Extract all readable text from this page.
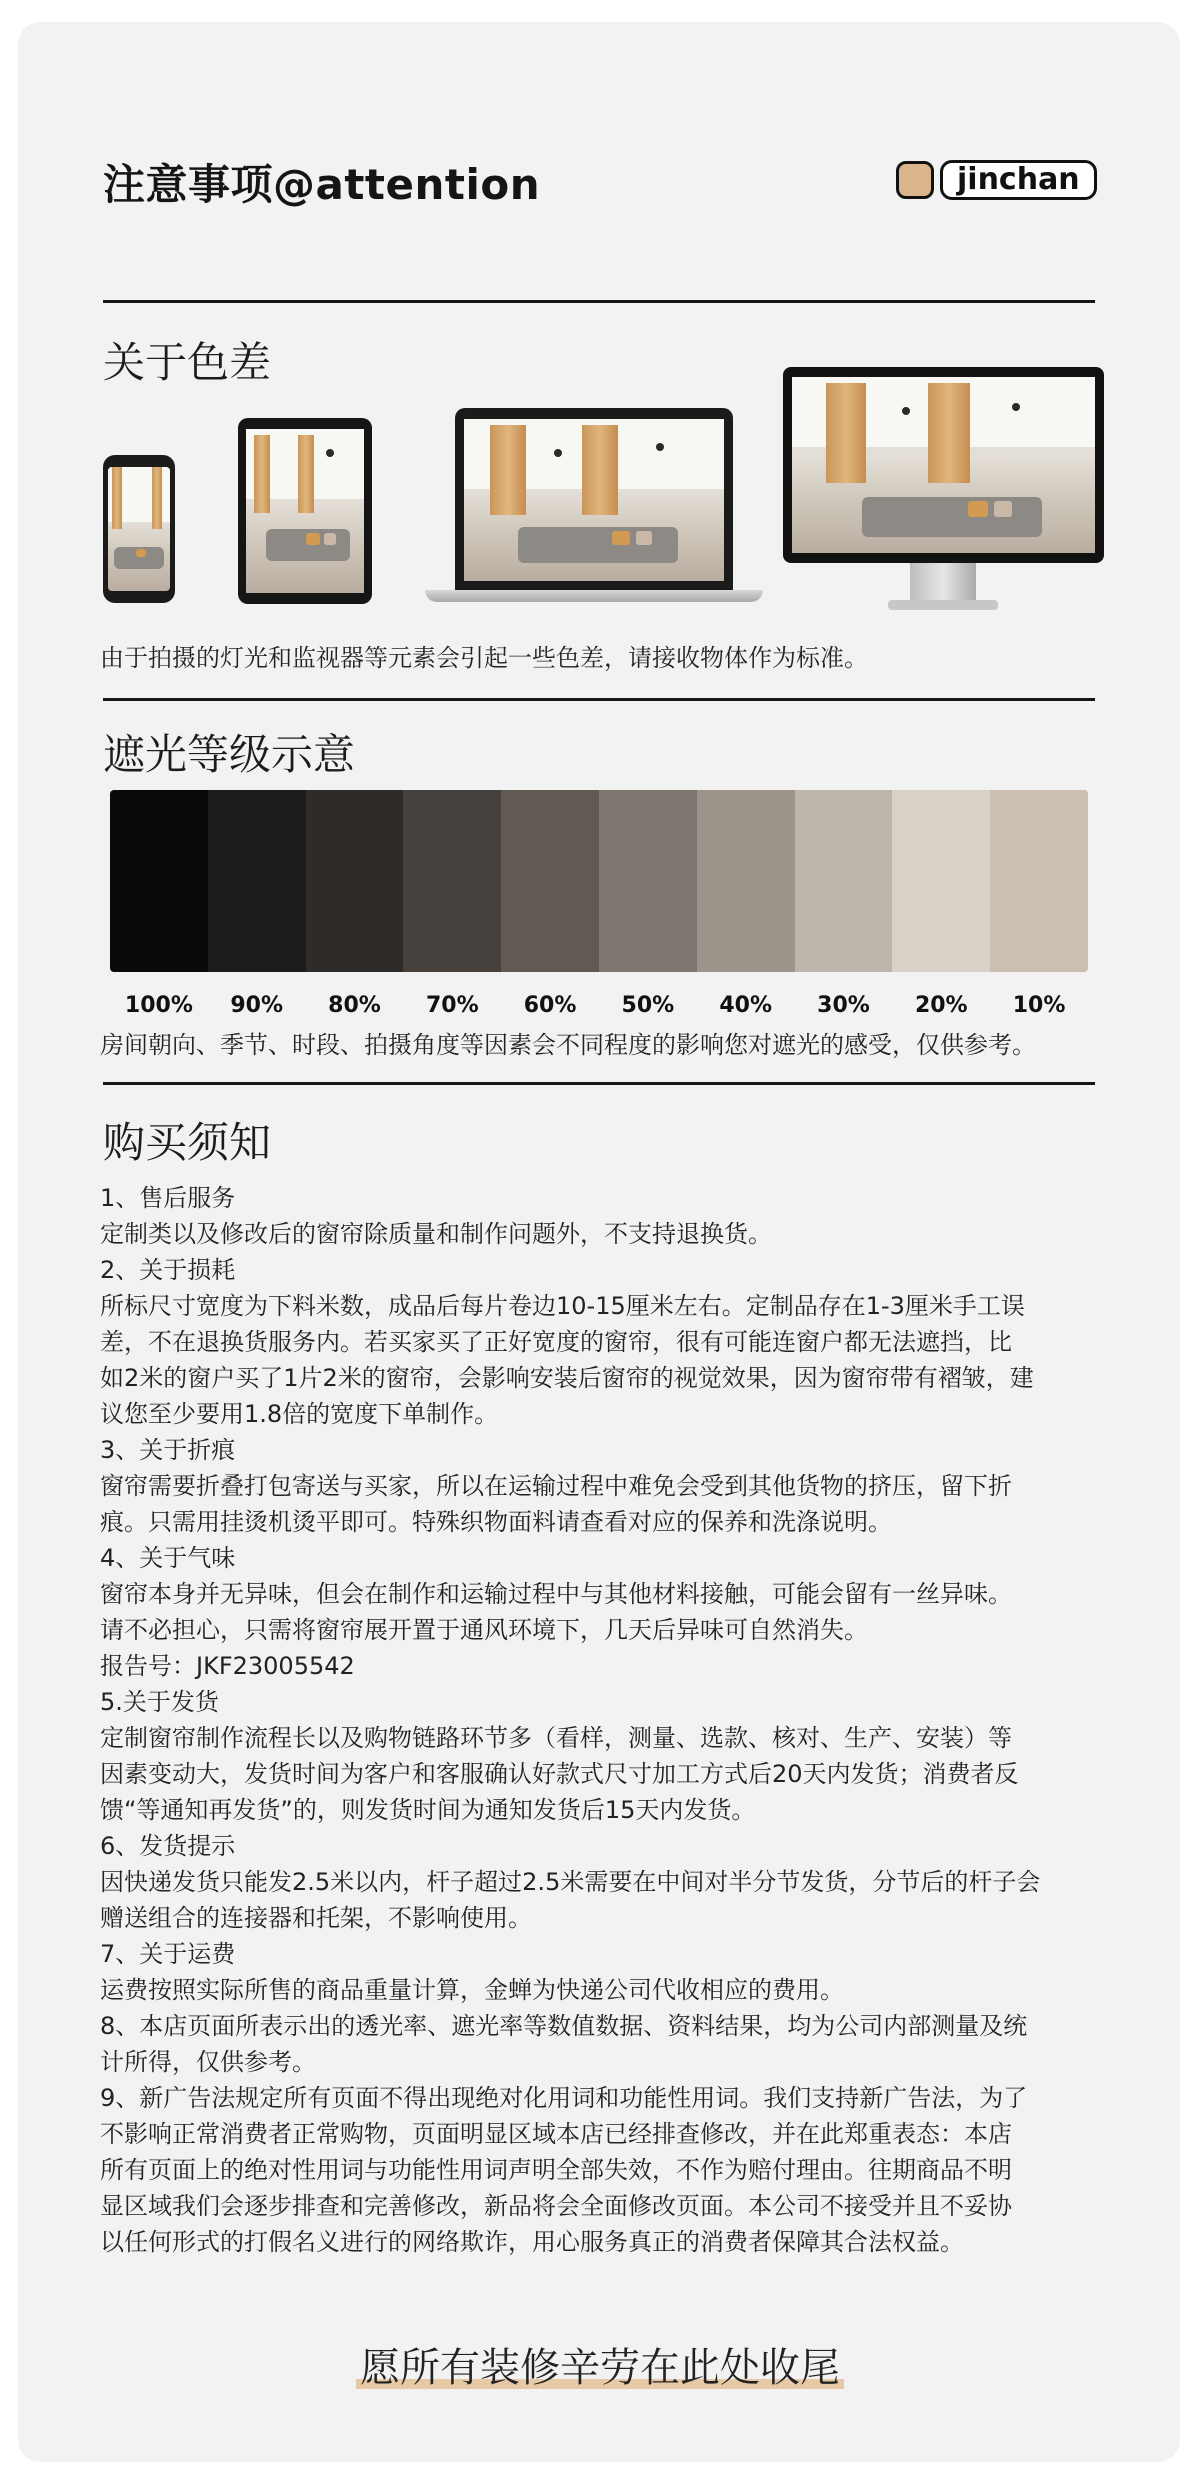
注意事项@attention	jinchan
关于色差
由于拍摄的灯光和监视器等元素会引起一些色差，请接收物体作为标准。
遮光等级示意
100%	90%	80%	70%	60%	50%	40%	30%	20%	10%
房间朝向、季节、时段、拍摄角度等因素会不同程度的影响您对遮光的感受，仅供参考。
购买须知

1、售后服务

定制类以及修改后的窗帘除质量和制作问题外，不支持退换货。

2、关于损耗

所标尺寸宽度为下料米数，成品后每片卷边10-15厘米左右。定制品存在1-3厘米手工误

差，不在退换货服务内。若买家买了正好宽度的窗帘，很有可能连窗户都无法遮挡，比

如2米的窗户买了1片2米的窗帘，会影响安装后窗帘的视觉效果，因为窗帘带有褶皱，建

议您至少要用1.8倍的宽度下单制作。

3、关于折痕

窗帘需要折叠打包寄送与买家，所以在运输过程中难免会受到其他货物的挤压，留下折

痕。只需用挂烫机烫平即可。特殊织物面料请查看对应的保养和洗涤说明。

4、关于气味

窗帘本身并无异味，但会在制作和运输过程中与其他材料接触，可能会留有一丝异味。

请不必担心，只需将窗帘展开置于通风环境下，几天后异味可自然消失。

报告号：JKF23005542

5.关于发货

定制窗帘制作流程长以及购物链路环节多（看样，测量、选款、核对、生产、安装）等

因素变动大，发货时间为客户和客服确认好款式尺寸加工方式后20天内发货；消费者反

馈“等通知再发货”的，则发货时间为通知发货后15天内发货。

6、发货提示

因快递发货只能发2.5米以内，杆子超过2.5米需要在中间对半分节发货，分节后的杆子会

赠送组合的连接器和托架，不影响使用。

7、关于运费

运费按照实际所售的商品重量计算，金蝉为快递公司代收相应的费用。

8、本店页面所表示出的透光率、遮光率等数值数据、资料结果，均为公司内部测量及统

计所得，仅供参考。

9、新广告法规定所有页面不得出现绝对化用词和功能性用词。我们支持新广告法，为了

不影响正常消费者正常购物，页面明显区域本店已经排查修改，并在此郑重表态：本店

所有页面上的绝对性用词与功能性用词声明全部失效，不作为赔付理由。往期商品不明

显区域我们会逐步排查和完善修改，新品将会全面修改页面。本公司不接受并且不妥协

以任何形式的打假名义进行的网络欺诈，用心服务真正的消费者保障其合法权益。

愿所有装修辛劳在此处收尾
